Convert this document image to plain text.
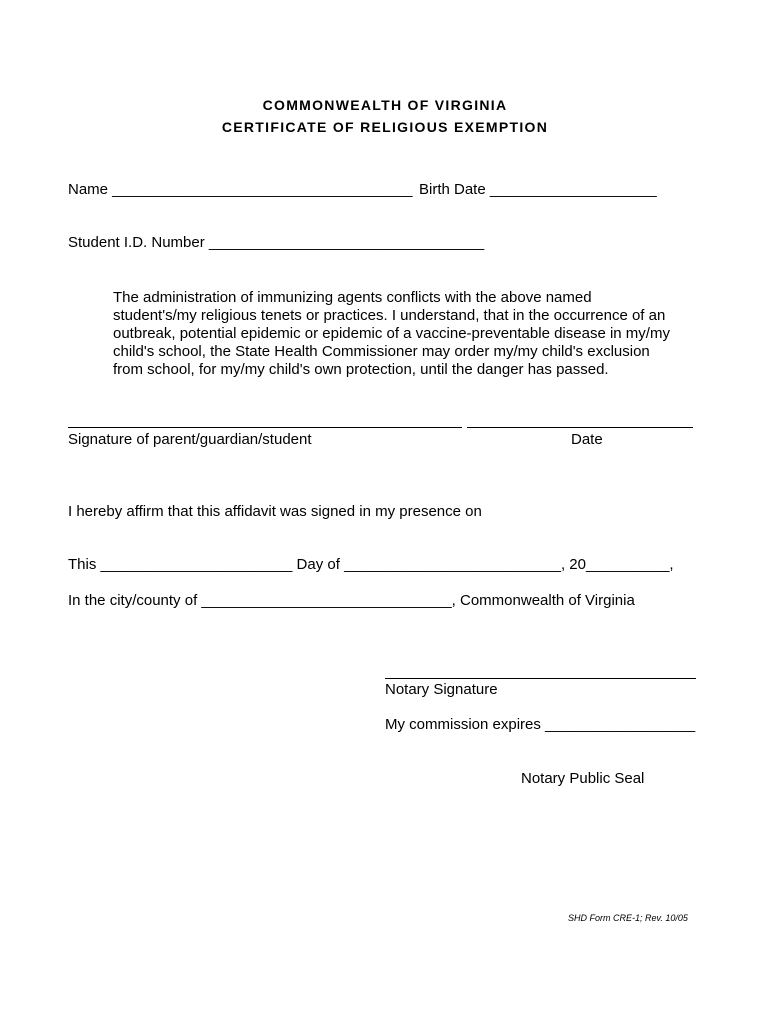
COMMONWEALTH OF VIRGINIA
CERTIFICATE OF RELIGIOUS EXEMPTION
Name ____________________________________ Birth Date ____________________
Student I.D. Number _________________________________
The administration of immunizing agents conflicts with the above named
student's/my religious tenets or practices. I understand, that in the occurrence of an
outbreak, potential epidemic or epidemic of a vaccine-preventable disease in my/my
child's school, the State Health Commissioner may order my/my child's exclusion
from school, for my/my child's own protection, until the danger has passed.
Signature of parent/guardian/student	Date
I hereby affirm that this affidavit was signed in my presence on
This _______________________ Day of __________________________, 20__________,
In the city/county of ______________________________, Commonwealth of Virginia
Notary Signature
My commission expires __________________
Notary Public Seal
SHD Form CRE-1; Rev. 10/05
